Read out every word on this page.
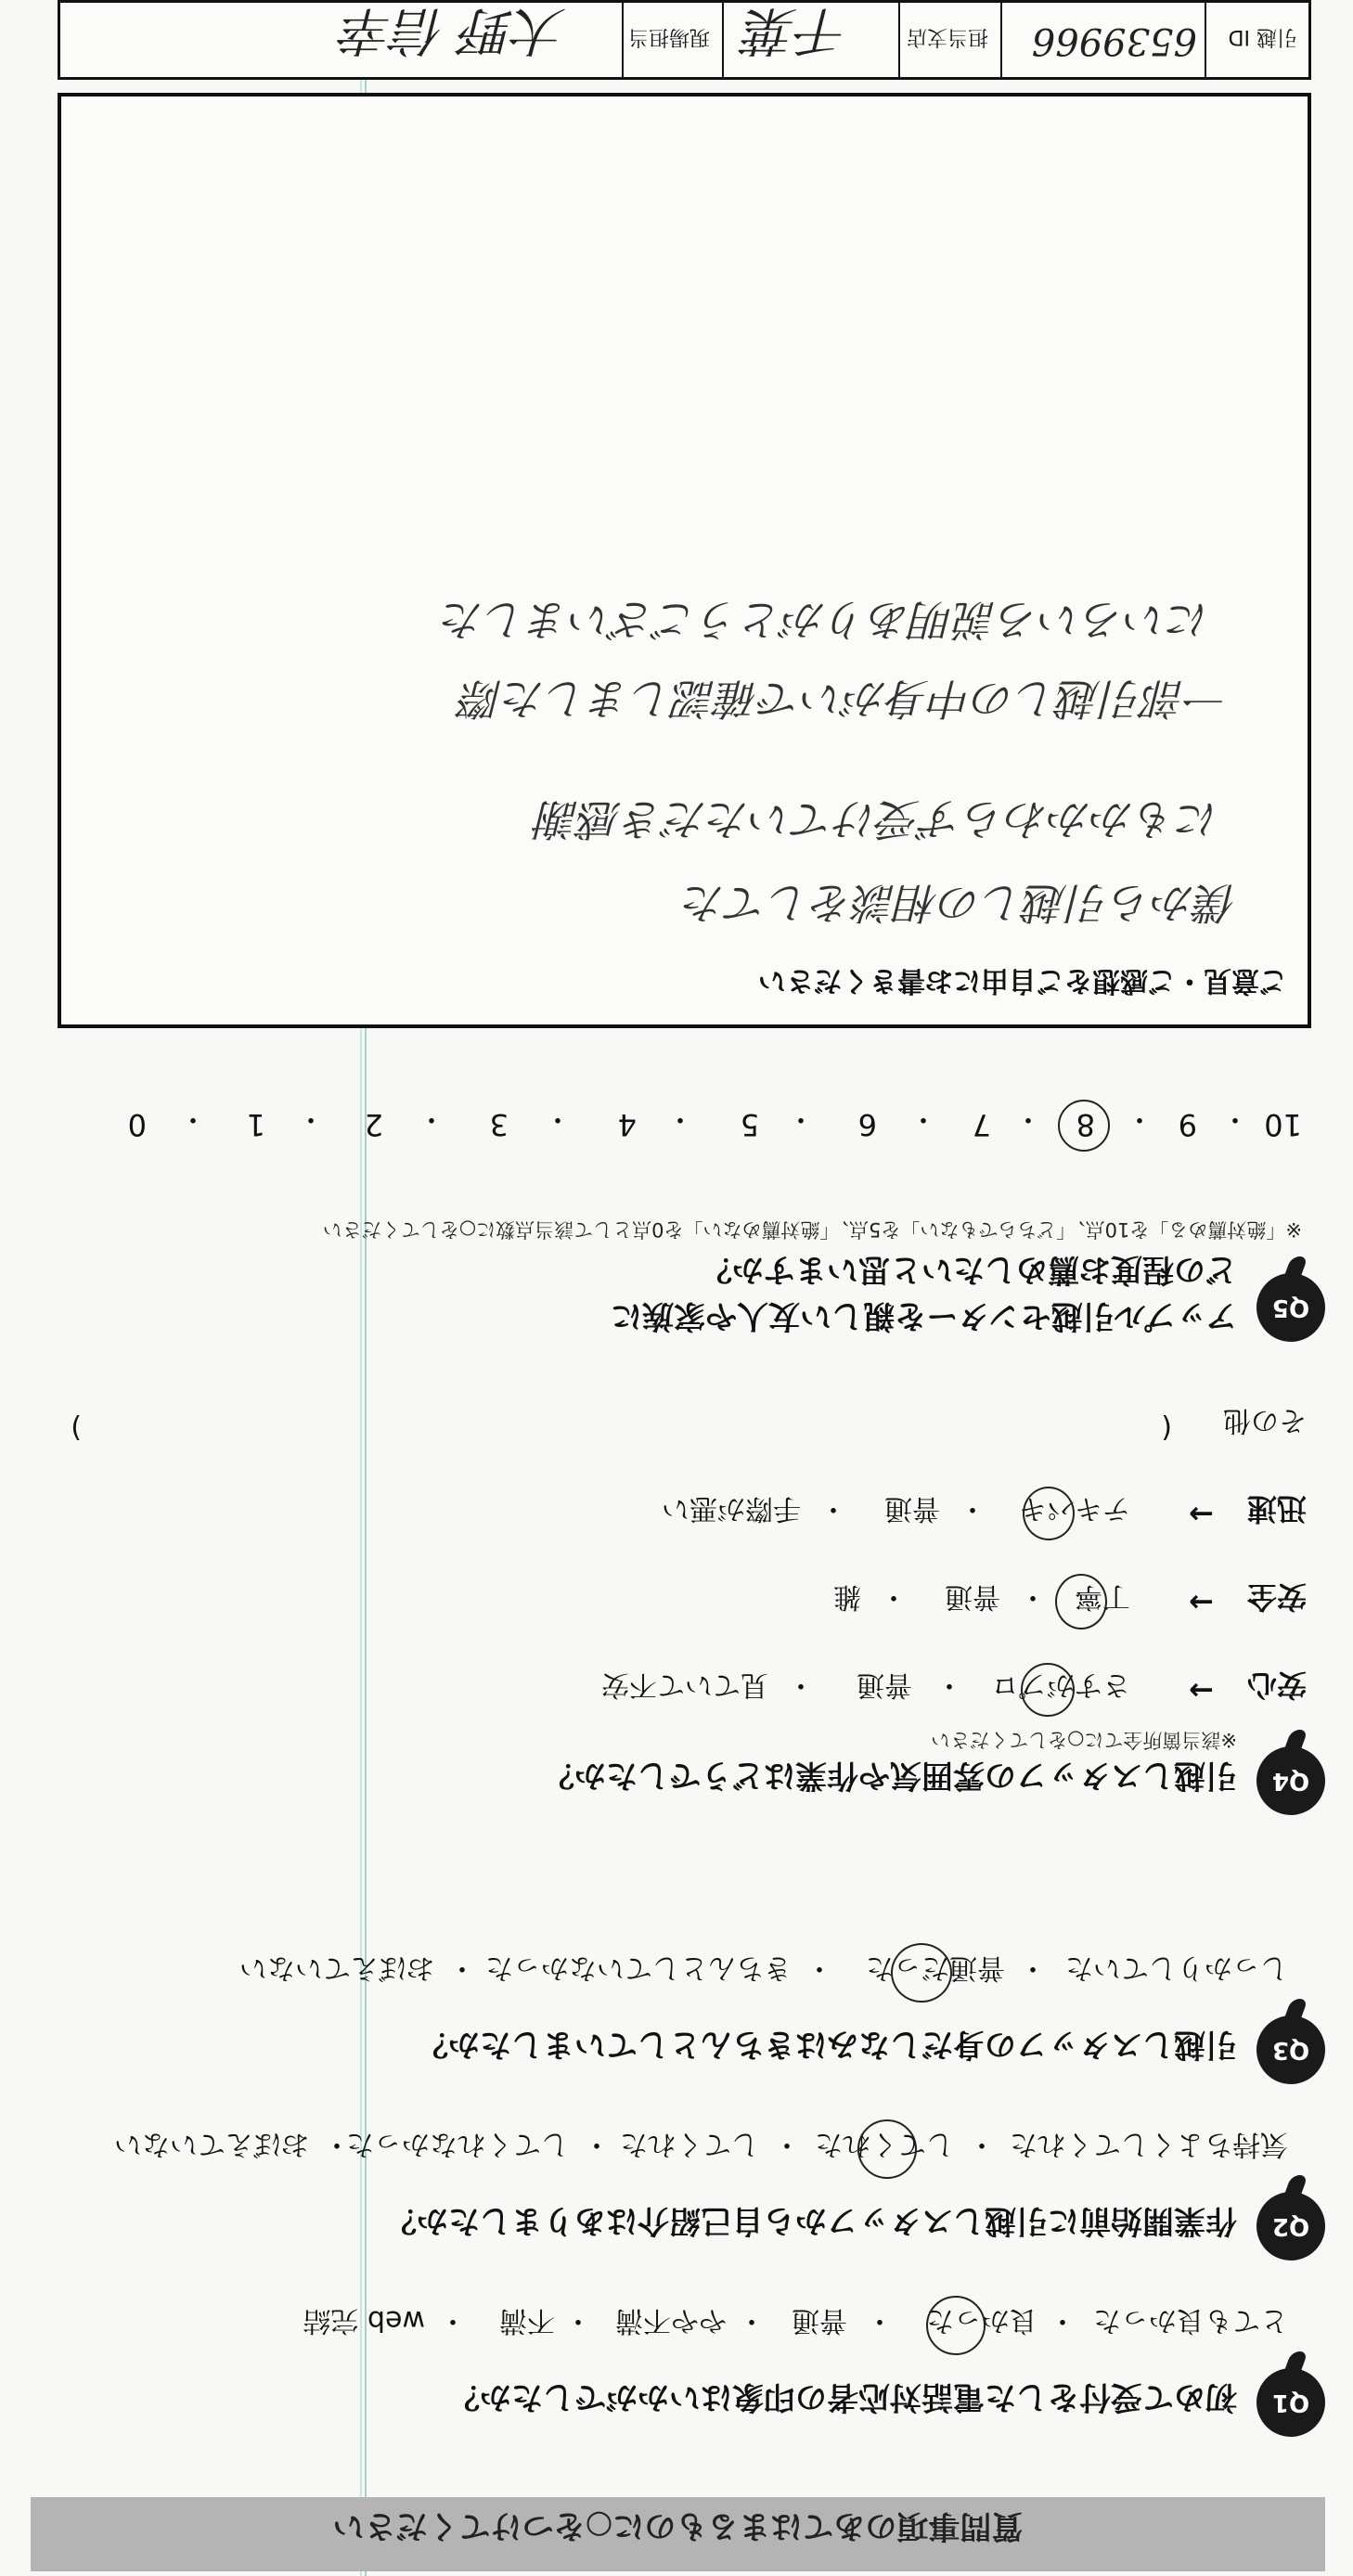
質問事項のあてはまるものに○をつけてください
Q1
初めて受付をした電話対応者の印象はいかがでしたか？
とても良かった
・
良かった
・
普通
・
やや不満
・
不満
・
web 完結
Q2
作業開始前に引越しスタッフから自己紹介はありましたか？
気持ちよくしてくれた
・
してくれた
・
してくれた
・
してくれなかった
・
おぼえていない
Q3
引越しスタッフの身だしなみはきちんとしていましたか？
しっかりしていた
・
普通だった
・
きちんとしていなかった
・
おぼえていない
Q4
引越しスタッフの雰囲気や作業はどうでしたか？
※該当箇所全てに○をしてください
安心
→
さすがプロ
・
普通
・
見ていて不安
安全
→
丁寧
・
普通
・
雑
迅速
→
テキパキ
・
普通
・
手際が悪い
その他
(
)
Q5
アップル引越センターを親しい友人や家族に
どの程度お薦めしたいと思いますか？
※「絶対薦める」を10点、「どちらでもない」を5点、「絶対薦めない」を0点として該当点数に○をしてください
10
・
9
・
8
・
7
・
6
・
5
・
4
・
3
・
2
・
1
・
0
ご意見・ご感想をご自由にお書きください
僕から引越しの相談をしてた
にもかかわらず受けていただき感謝
一部引越しの中身がいで確認しました際
にいろいろ説明ありがとうございました
引越 ID
6539966
担当支店
千葉
現場担当
大野 信幸
